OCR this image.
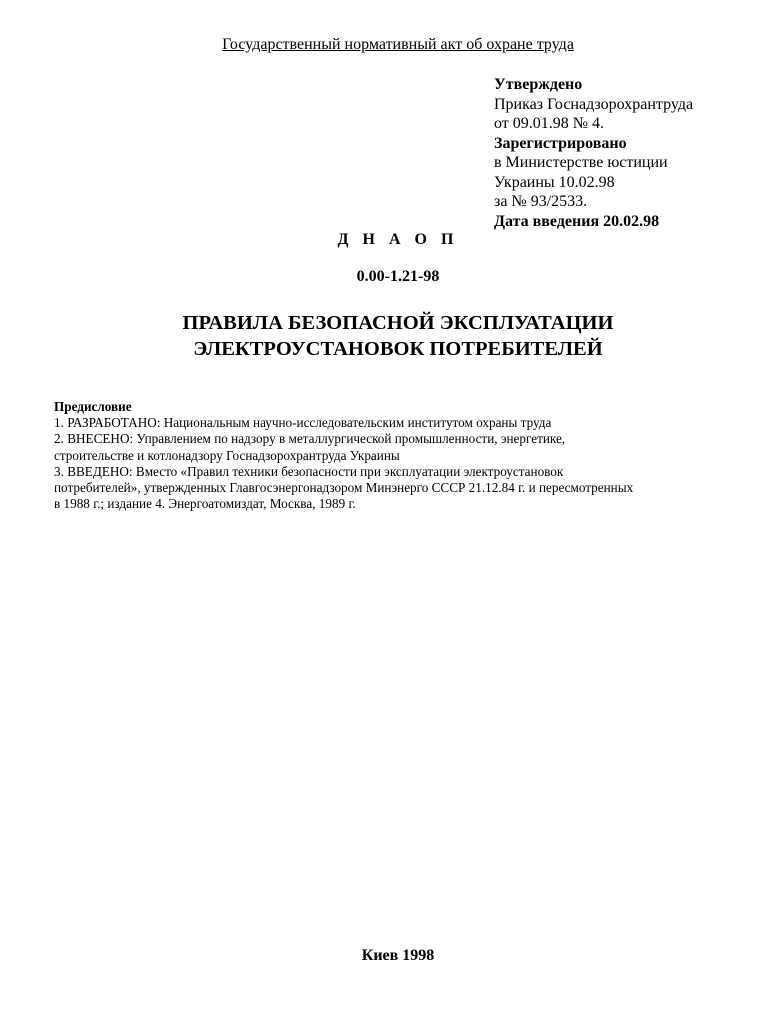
Государственный нормативный акт об охране труда
Утверждено
Приказ Госнадзорохрантруда
от 09.01.98 № 4.
Зарегистрировано
в Министерстве юстиции
Украины 10.02.98
за № 93/2533.
Дата введения 20.02.98
Д Н А О П
0.00-1.21-98
ПРАВИЛА БЕЗОПАСНОЙ ЭКСПЛУАТАЦИИ
ЭЛЕКТРОУСТАНОВОК ПОТРЕБИТЕЛЕЙ
Предисловие
1. РАЗРАБОТАНО: Национальным научно-исследовательским институтом охраны труда
2. ВНЕСЕНО: Управлением по надзору в металлургической промышленности, энергетике,
строительстве и котлонадзору Госнадзорохрантруда Украины
3. ВВЕДЕНО: Вместо «Правил техники безопасности при эксплуатации электроустановок
потребителей», утвержденных Главгосэнергонадзором Минэнерго СССР 21.12.84 г. и пересмотренных
в 1988 г.; издание 4. Энергоатомиздат, Москва, 1989 г.
Киев 1998
